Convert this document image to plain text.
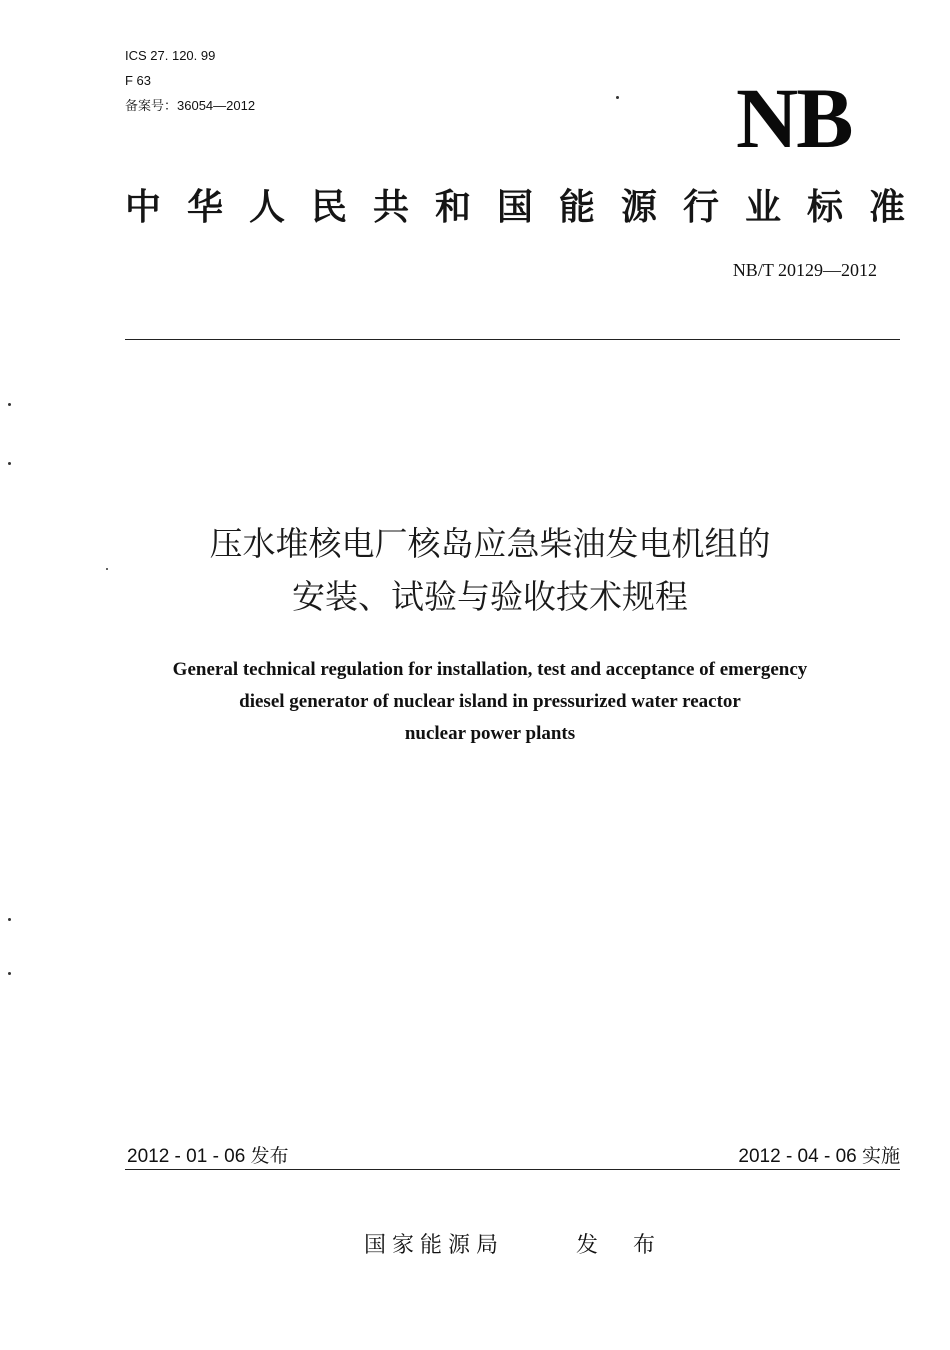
ICS 27. 120. 99
F 63
备案号：36054—2012	NB
中华人民共和国能源行业标准
NB/T 20129—2012
压水堆核电厂核岛应急柴油发电机组的
安装、试验与验收技术规程
General technical regulation for installation, test and acceptance of emergency
diesel generator of nuclear island in pressurized water reactor
nuclear power plants
2012 - 01 - 06 发布	2012 - 04 - 06 实施
国家能源局	发 布
